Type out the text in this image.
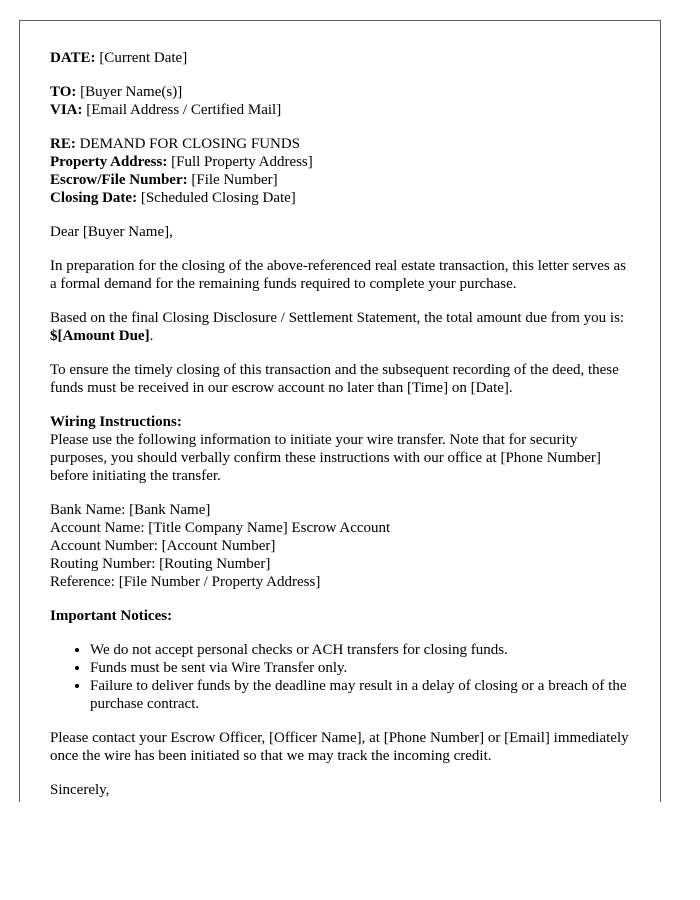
DATE: [Current Date]

TO: [Buyer Name(s)]
VIA: [Email Address / Certified Mail]
RE: DEMAND FOR CLOSING FUNDS
Property Address: [Full Property Address]
Escrow/File Number: [File Number]
Closing Date: [Scheduled Closing Date]

Dear [Buyer Name],

In preparation for the closing of the above-referenced real estate transaction, this letter serves as a formal demand for the remaining funds required to complete your purchase.

Based on the final Closing Disclosure / Settlement Statement, the total amount due from you is: $[Amount Due].

To ensure the timely closing of this transaction and the subsequent recording of the deed, these funds must be received in our escrow account no later than [Time] on [Date].

Wiring Instructions:
Please use the following information to initiate your wire transfer. Note that for security purposes, you should verbally confirm these instructions with our office at [Phone Number] before initiating the transfer.
Bank Name: [Bank Name]
Account Name: [Title Company Name] Escrow Account
Account Number: [Account Number]
Routing Number: [Routing Number]
Reference: [File Number / Property Address]

Important Notices:

• We do not accept personal checks or ACH transfers for closing funds.
• Funds must be sent via Wire Transfer only.
• Failure to deliver funds by the deadline may result in a delay of closing or a breach of the purchase contract.

Please contact your Escrow Officer, [Officer Name], at [Phone Number] or [Email] immediately once the wire has been initiated so that we may track the incoming credit.

Sincerely,
